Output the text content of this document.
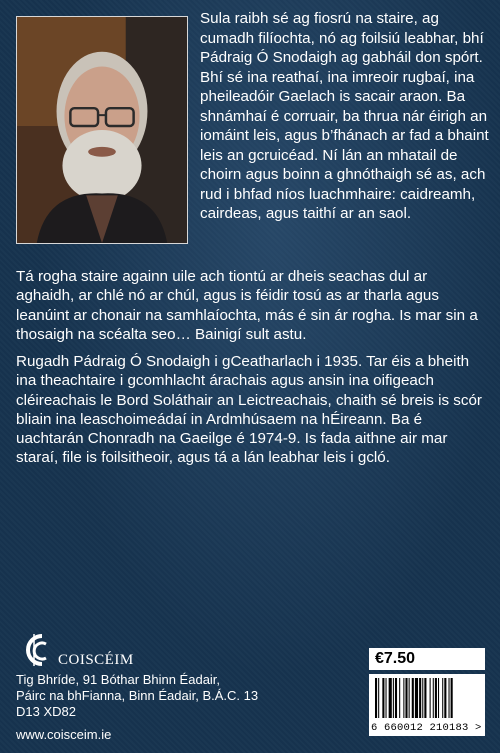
Sula raibh sé ag fiosrú na staire, ag cumadh filíochta, nó ag foilsiú leabhar, bhí Pádraig Ó Snodaigh ag gabháil don spórt. Bhí sé ina reathaí, ina imreoir rugbaí, ina pheileadóir Gaelach is sacair araon. Ba shnámhaí é corruair, ba thrua nár éirigh an iomáint leis, agus b’fhánach ar fad a bhaint leis an gcruicéad. Ní lán an mhatail de choirn agus boinn a ghnóthaigh sé as, ach rud i bhfad níos luachmhaire: caidreamh, cairdeas, agus taithí ar an saol.

Tá rogha staire againn uile ach tiontú ar dheis seachas dul ar aghaidh, ar chlé nó ar chúl, agus is féidir tosú as ar tharla agus leanúint ar chonair na samhlaíochta, más é sin ár rogha. Is mar sin a thosaigh na scéalta seo… Bainigí sult astu.

Rugadh Pádraig Ó Snodaigh i gCeatharlach i 1935. Tar éis a bheith ina theachtaire i gcomhlacht árachais agus ansin ina oifigeach cléireachais le Bord Soláthair an Leictreachais, chaith sé breis is scór bliain ina leaschoimeádaí in Ardmhúsaem na hÉireann. Ba é uachtarán Chonradh na Gaeilge é 1974-9. Is fada aithne air mar staraí, file is foilsitheoir, agus tá a lán leabhar leis i gcló.

COISCÉIM
Tig Bhríde, 91 Bóthar Bhinn Éadair,
Páirc na bhFianna, Binn Éadair, B.Á.C. 13
D13 XD82
www.coisceim.ie
€7.50
6 660012 210183 >
